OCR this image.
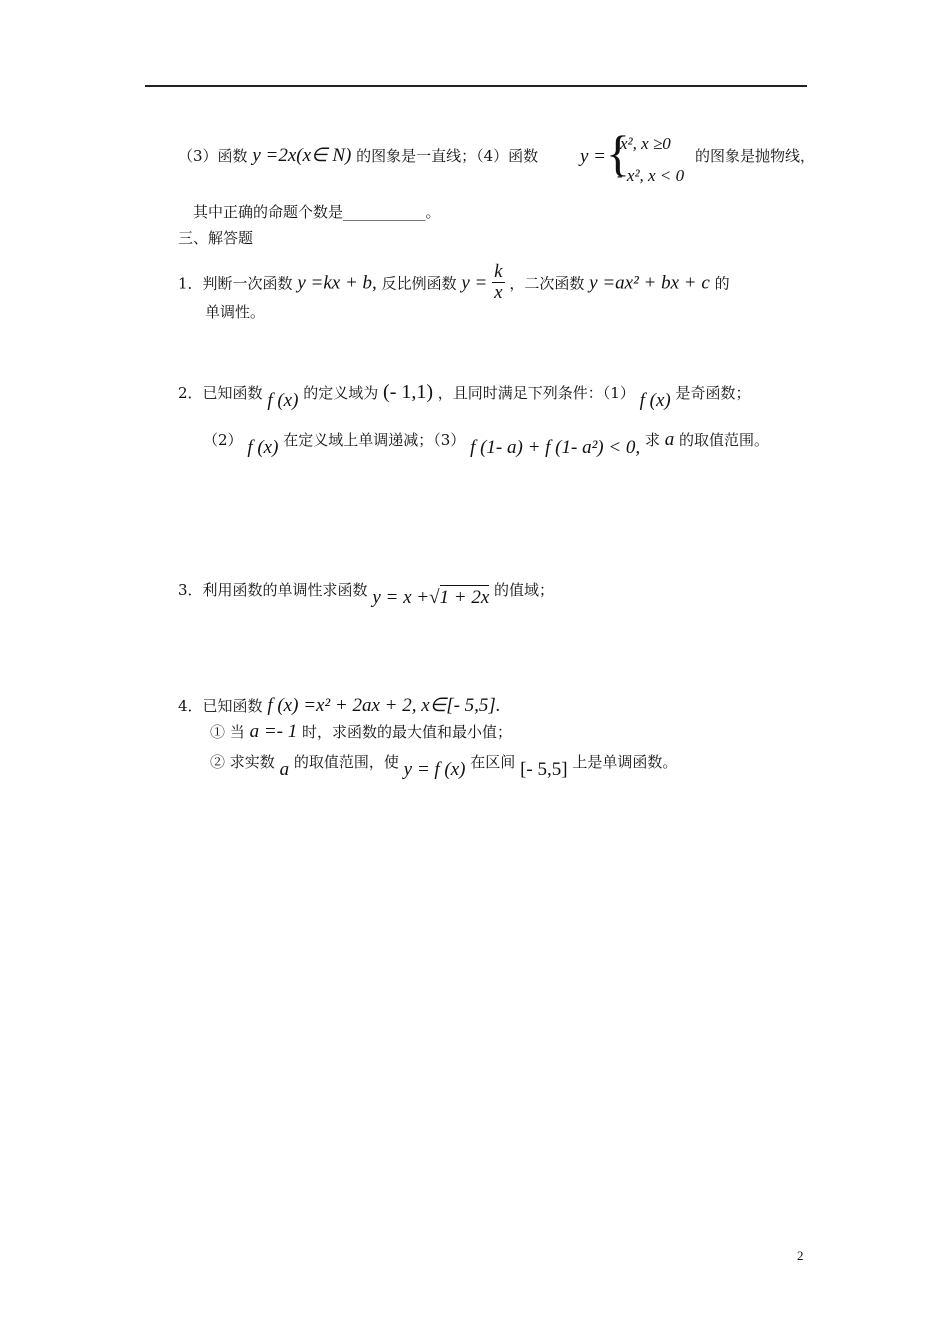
（3）函数 y =2x(x∈ N) 的图象是一直线；（4）函数 y = {
x², x ≥0
- x², x < 0
的图象是抛物线，
其中正确的命题个数是___________。
三、解答题
1．判断一次函数 y =kx + b, 反比例函数 $y = \frac{k}{x}$ ，二次函数 y =ax² + bx + c 的
单调性。
2．已知函数 f (x) 的定义域为 (- 1,1) ，且同时满足下列条件：（1） f (x) 是奇函数；
（2） f (x) 在定义域上单调递减；（3） f (1- a) + f (1- a²) < 0, 求 a 的取值范围。
3．利用函数的单调性求函数 y = x +√1 + 2x 的值域；
4．已知函数 f (x) =x² + 2ax + 2, x∈[- 5,5].
① 当 a =- 1 时，求函数的最大值和最小值；
② 求实数 a 的取值范围，使 y = f (x) 在区间 [- 5,5] 上是单调函数。
2
